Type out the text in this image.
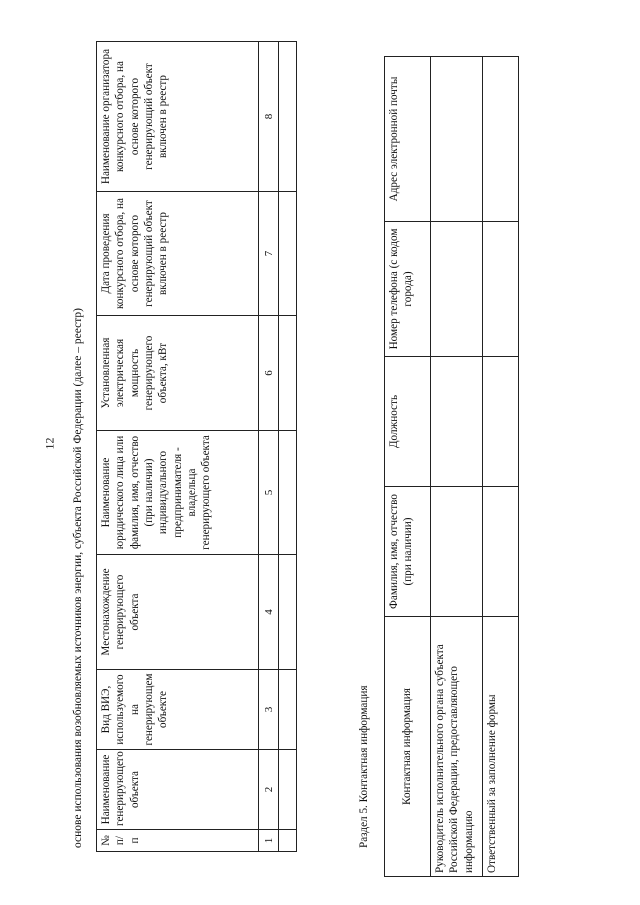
12 основе использования возобновляемых источников энергии, субъекта Российской Федерации (далее – реестр) № п/п	Наименование генерирующего объекта	Вид ВИЭ, используемого на генерирующем объекте	Местонахождение генерирующего объекта	Наименование юридического лица или фамилия, имя, отчество (при наличии) индивидуального предпринимателя - владельца генерирующего объекта	Установленная электрическая мощность генерирующего объекта, кВт	Дата проведения конкурсного отбора, на основе которого генерирующий объект включен в реестр	Наименование организатора конкурсного отбора, на основе которого генерирующий объект включен в реестр
1	2	3	4	5	6	7	8

Раздел 5. Контактная информация	Контактная информация	Фамилия, имя, отчество (при наличии)	Должность	Номер телефона (с кодом города)	Адрес электронной почты
Руководитель исполнительного органа субъекта Российской Федерации, предоставляющего информацию				
Ответственный за заполнение формы				
